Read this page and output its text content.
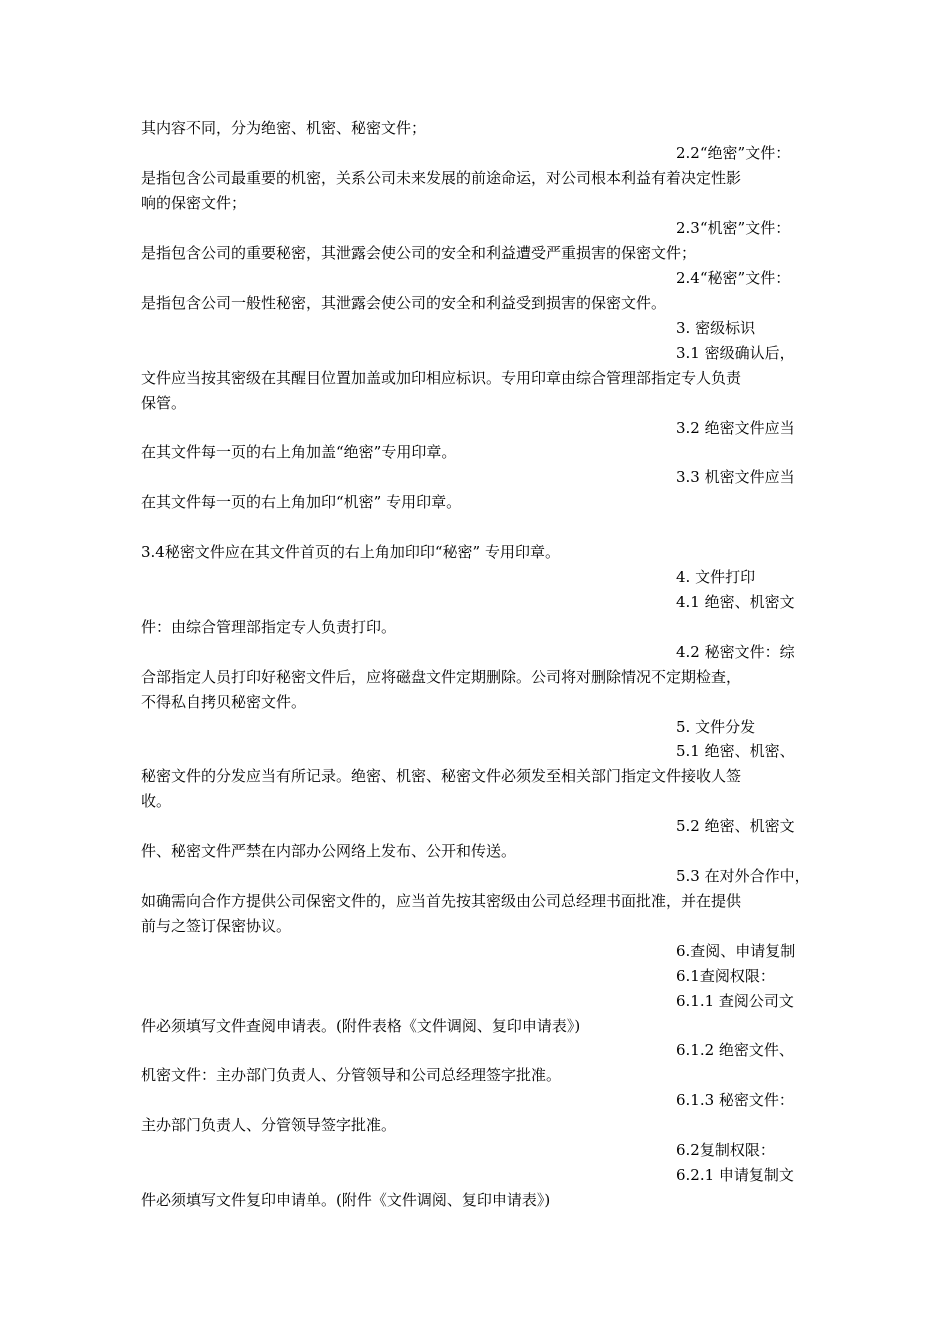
其内容不同，分为绝密、机密、秘密文件；

2.2“绝密”文件：

是指包含公司最重要的机密，关系公司未来发展的前途命运，对公司根本利益有着决定性影

响的保密文件；

2.3“机密”文件：

是指包含公司的重要秘密，其泄露会使公司的安全和利益遭受严重损害的保密文件；

2.4“秘密”文件：

是指包含公司一般性秘密，其泄露会使公司的安全和利益受到损害的保密文件。

3. 密级标识

3.1 密级确认后，

文件应当按其密级在其醒目位置加盖或加印相应标识。专用印章由综合管理部指定专人负责

保管。

3.2 绝密文件应当

在其文件每一页的右上角加盖“绝密”专用印章。

3.3 机密文件应当

在其文件每一页的右上角加印“机密” 专用印章。

3.4秘密文件应在其文件首页的右上角加印印“秘密” 专用印章。

4. 文件打印

4.1 绝密、机密文

件：由综合管理部指定专人负责打印。

4.2 秘密文件：综

合部指定人员打印好秘密文件后，应将磁盘文件定期删除。公司将对删除情况不定期检查，

不得私自拷贝秘密文件。

5. 文件分发

5.1 绝密、机密、

秘密文件的分发应当有所记录。绝密、机密、秘密文件必须发至相关部门指定文件接收人签

收。

5.2 绝密、机密文

件、秘密文件严禁在内部办公网络上发布、公开和传送。

5.3 在对外合作中，

如确需向合作方提供公司保密文件的，应当首先按其密级由公司总经理书面批准，并在提供

前与之签订保密协议。

6.查阅、申请复制

6.1查阅权限：

6.1.1 查阅公司文

件必须填写文件查阅申请表。(附件表格《文件调阅、复印申请表》)

6.1.2 绝密文件、

机密文件：主办部门负责人、分管领导和公司总经理签字批准。

6.1.3 秘密文件：

主办部门负责人、分管领导签字批准。

6.2复制权限：

6.2.1 申请复制文

件必须填写文件复印申请单。(附件《文件调阅、复印申请表》)
